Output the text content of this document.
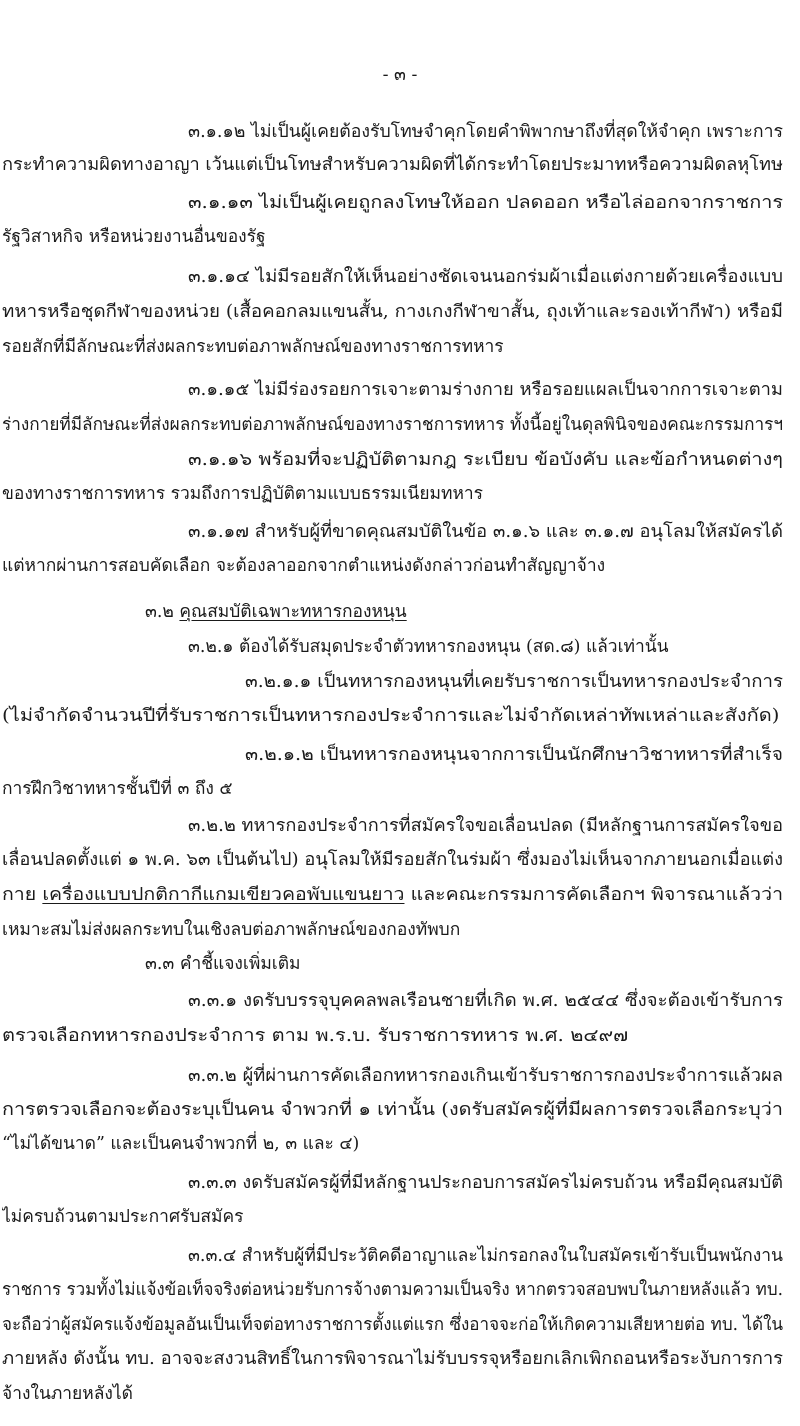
- ๓ -
๓.๑.๑๒ ไม่เป็นผู้เคยต้องรับโทษจำคุกโดยคำพิพากษาถึงที่สุดให้จำคุก เพราะการ
กระทำความผิดทางอาญา เว้นแต่เป็นโทษสำหรับความผิดที่ได้กระทำโดยประมาทหรือความผิดลหุโทษ
๓.๑.๑๓ ไม่เป็นผู้เคยถูกลงโทษให้ออก ปลดออก หรือไล่ออกจากราชการ
รัฐวิสาหกิจ หรือหน่วยงานอื่นของรัฐ
๓.๑.๑๔ ไม่มีรอยสักให้เห็นอย่างชัดเจนนอกร่มผ้าเมื่อแต่งกายด้วยเครื่องแบบ
ทหารหรือชุดกีฬาของหน่วย (เสื้อคอกลมแขนสั้น, กางเกงกีฬาขาสั้น, ถุงเท้าและรองเท้ากีฬา) หรือมี
รอยสักที่มีลักษณะที่ส่งผลกระทบต่อภาพลักษณ์ของทางราชการทหาร
๓.๑.๑๕ ไม่มีร่องรอยการเจาะตามร่างกาย หรือรอยแผลเป็นจากการเจาะตาม
ร่างกายที่มีลักษณะที่ส่งผลกระทบต่อภาพลักษณ์ของทางราชการทหาร ทั้งนี้อยู่ในดุลพินิจของคณะกรรมการฯ
๓.๑.๑๖ พร้อมที่จะปฏิบัติตามกฎ ระเบียบ ข้อบังคับ และข้อกำหนดต่างๆ
ของทางราชการทหาร รวมถึงการปฏิบัติตามแบบธรรมเนียมทหาร
๓.๑.๑๗ สำหรับผู้ที่ขาดคุณสมบัติในข้อ ๓.๑.๖ และ ๓.๑.๗ อนุโลมให้สมัครได้
แต่หากผ่านการสอบคัดเลือก จะต้องลาออกจากตำแหน่งดังกล่าวก่อนทำสัญญาจ้าง
๓.๒ คุณสมบัติเฉพาะทหารกองหนุน
๓.๒.๑ ต้องได้รับสมุดประจำตัวทหารกองหนุน (สด.๘) แล้วเท่านั้น
๓.๒.๑.๑ เป็นทหารกองหนุนที่เคยรับราชการเป็นทหารกองประจำการ
(ไม่จำกัดจำนวนปีที่รับราชการเป็นทหารกองประจำการและไม่จำกัดเหล่าทัพเหล่าและสังกัด)
๓.๒.๑.๒ เป็นทหารกองหนุนจากการเป็นนักศึกษาวิชาทหารที่สำเร็จ
การฝึกวิชาทหารชั้นปีที่ ๓ ถึง ๕
๓.๒.๒ ทหารกองประจำการที่สมัครใจขอเลื่อนปลด (มีหลักฐานการสมัครใจขอ
เลื่อนปลดตั้งแต่ ๑ พ.ค. ๖๓ เป็นต้นไป) อนุโลมให้มีรอยสักในร่มผ้า ซึ่งมองไม่เห็นจากภายนอกเมื่อแต่ง
กาย เครื่องแบบปกติกากีแกมเขียวคอพับแขนยาว และคณะกรรมการคัดเลือกฯ พิจารณาแล้วว่า
เหมาะสมไม่ส่งผลกระทบในเชิงลบต่อภาพลักษณ์ของกองทัพบก
๓.๓ คำชี้แจงเพิ่มเติม
๓.๓.๑ งดรับบรรจุบุคคลพลเรือนชายที่เกิด พ.ศ. ๒๕๔๔ ซึ่งจะต้องเข้ารับการ
ตรวจเลือกทหารกองประจำการ ตาม พ.ร.บ. รับราชการทหาร พ.ศ. ๒๔๙๗
๓.๓.๒ ผู้ที่ผ่านการคัดเลือกทหารกองเกินเข้ารับราชการกองประจำการแล้วผล
การตรวจเลือกจะต้องระบุเป็นคน จำพวกที่ ๑ เท่านั้น (งดรับสมัครผู้ที่มีผลการตรวจเลือกระบุว่า
“ไม่ได้ขนาด” และเป็นคนจำพวกที่ ๒, ๓ และ ๔)
๓.๓.๓ งดรับสมัครผู้ที่มีหลักฐานประกอบการสมัครไม่ครบถ้วน หรือมีคุณสมบัติ
ไม่ครบถ้วนตามประกาศรับสมัคร
๓.๓.๔ สำหรับผู้ที่มีประวัติคดีอาญาและไม่กรอกลงในใบสมัครเข้ารับเป็นพนักงาน
ราชการ รวมทั้งไม่แจ้งข้อเท็จจริงต่อหน่วยรับการจ้างตามความเป็นจริง หากตรวจสอบพบในภายหลังแล้ว ทบ.
จะถือว่าผู้สมัครแจ้งข้อมูลอันเป็นเท็จต่อทางราชการตั้งแต่แรก ซึ่งอาจจะก่อให้เกิดความเสียหายต่อ ทบ. ได้ใน
ภายหลัง ดังนั้น ทบ. อาจจะสงวนสิทธิ์ในการพิจารณาไม่รับบรรจุหรือยกเลิกเพิกถอนหรือระงับการการ
จ้างในภายหลังได้
